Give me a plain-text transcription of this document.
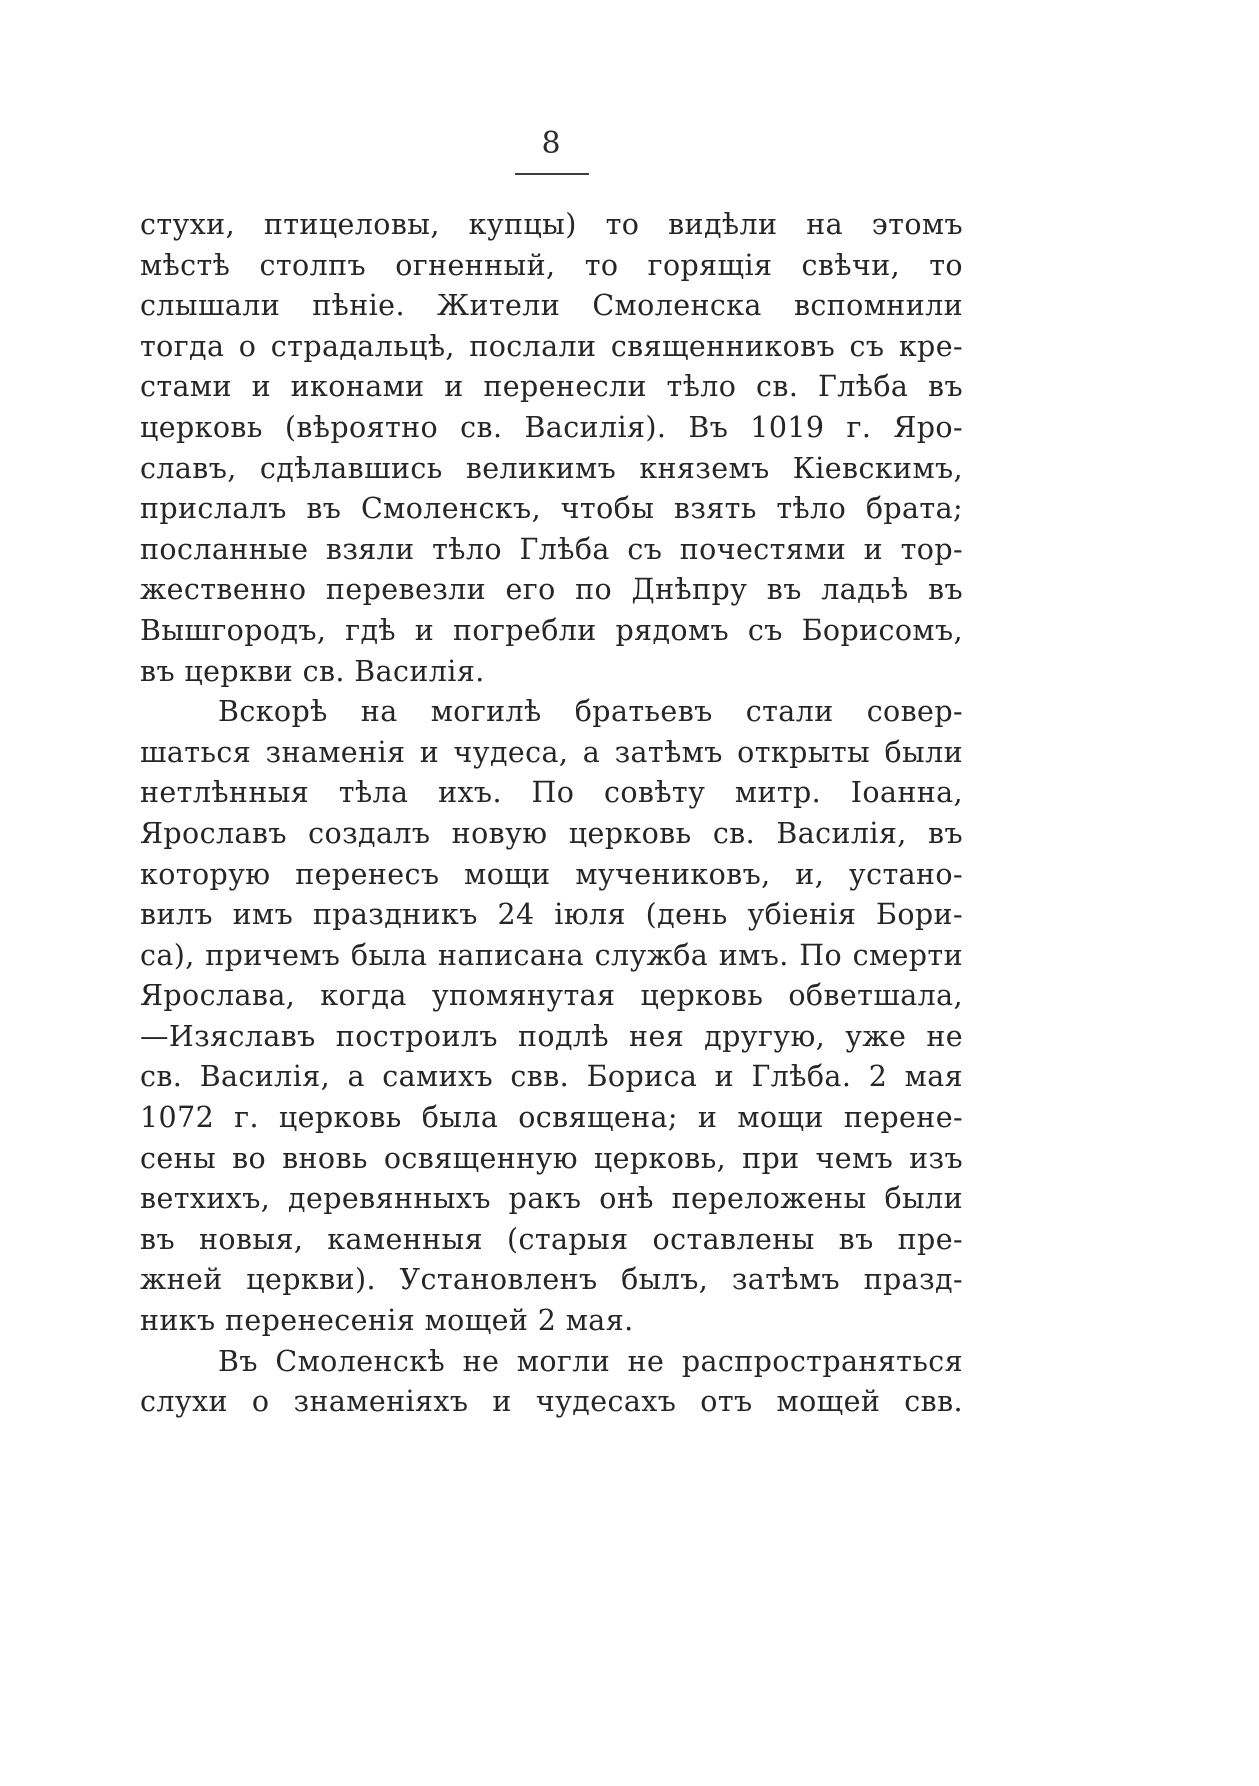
8
стухи, птицеловы, купцы) то видѣли на этомъ
мѣстѣ столпъ огненный, то горящія свѣчи, то
слышали пѣніе. Жители Смоленска вспомнили
тогда о страдальцѣ, послали священниковъ съ кре-
стами и иконами и перенесли тѣло св. Глѣба въ
церковь (вѣроятно св. Василія). Въ 1019 г. Яро-
славъ, сдѣлавшись великимъ княземъ Кіевскимъ,
прислалъ въ Смоленскъ, чтобы взять тѣло брата;
посланные взяли тѣло Глѣба съ почестями и тор-
жественно перевезли его по Днѣпру въ ладьѣ въ
Вышгородъ, гдѣ и погребли рядомъ съ Борисомъ,
въ церкви св. Василія.
Вскорѣ на могилѣ братьевъ стали совер-
шаться знаменія и чудеса, а затѣмъ открыты были
нетлѣнныя тѣла ихъ. По совѣту митр. Іоанна,
Ярославъ создалъ новую церковь св. Василія, въ
которую перенесъ мощи мучениковъ, и, устано-
вилъ имъ праздникъ 24 іюля (день убіенія Бори-
са), причемъ была написана служба имъ. По смерти
Ярослава, когда упомянутая церковь обветшала,
—Изяславъ построилъ подлѣ нея другую, уже не
св. Василія, а самихъ свв. Бориса и Глѣба. 2 мая
1072 г. церковь была освящена; и мощи перене-
сены во вновь освященную церковь, при чемъ изъ
ветхихъ, деревянныхъ ракъ онѣ переложены были
въ новыя, каменныя (старыя оставлены въ пре-
жней церкви). Установленъ былъ, затѣмъ празд-
никъ перенесенія мощей 2 мая.
Въ Смоленскѣ не могли не распространяться
слухи о знаменіяхъ и чудесахъ отъ мощей свв.
